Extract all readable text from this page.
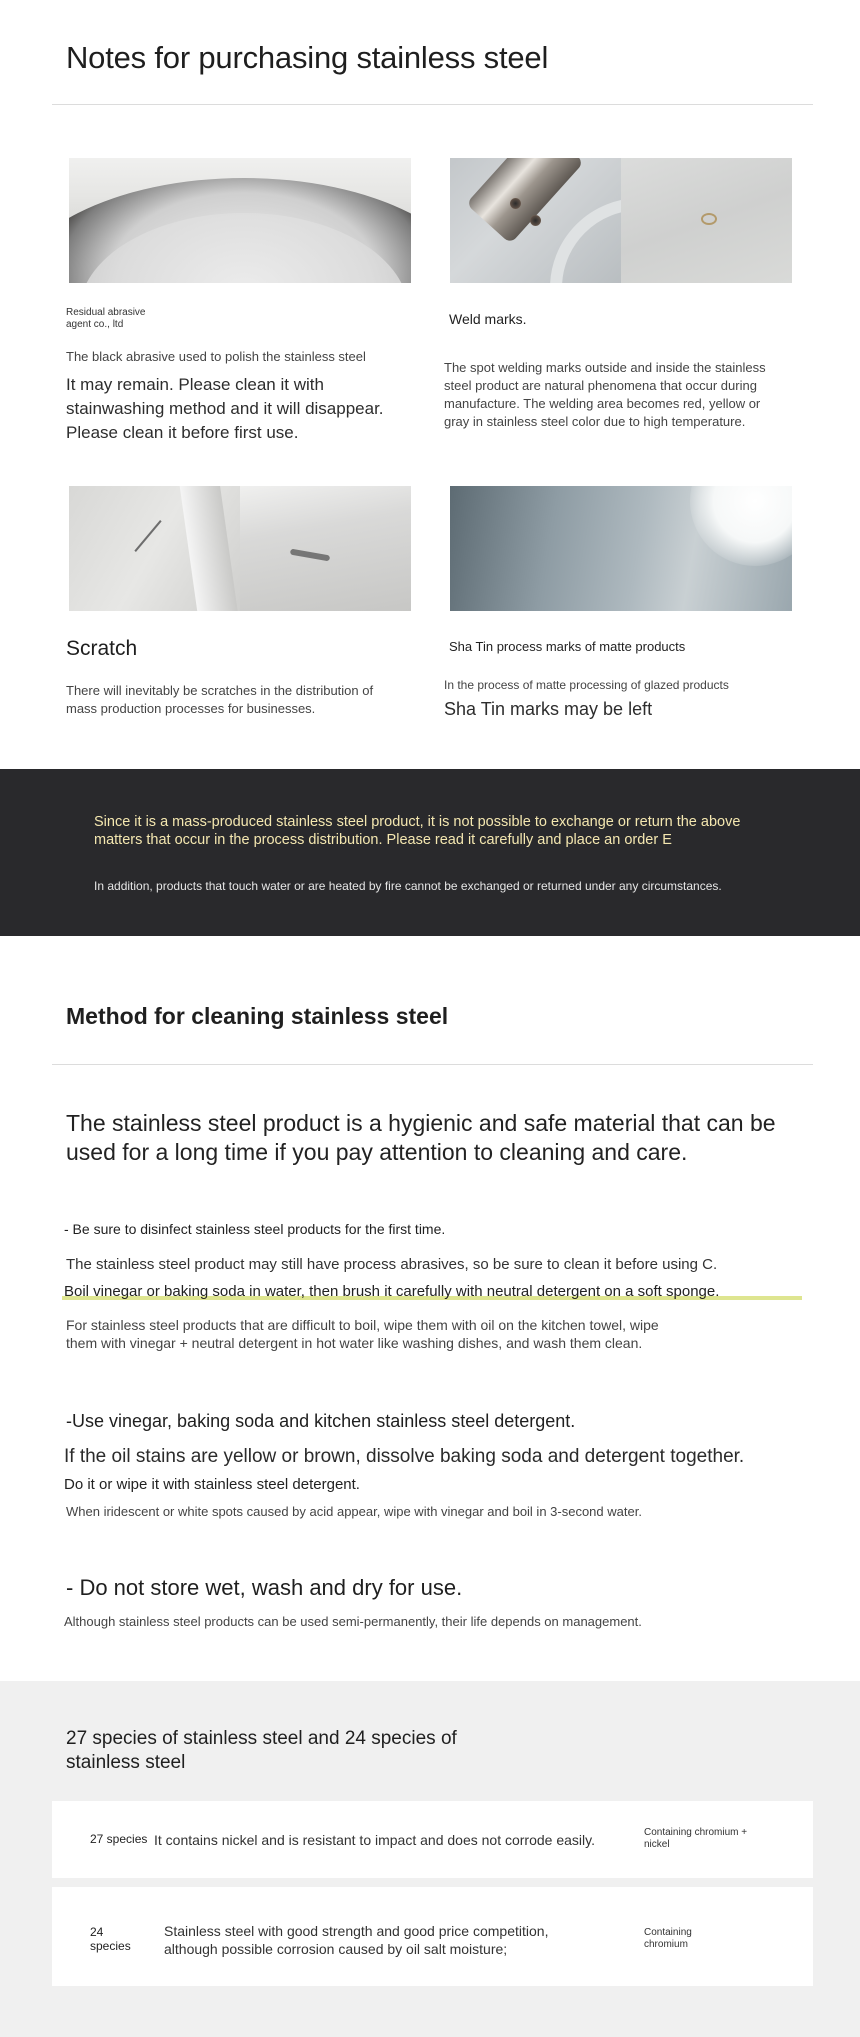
Notes for purchasing stainless steel
Residual abrasive agent co., ltd
The black abrasive used to polish the stainless steel
It may remain. Please clean it with stainwashing method and it will disappear. Please clean it before first use.
Weld marks.
The spot welding marks outside and inside the stainless steel product are natural phenomena that occur during manufacture. The welding area becomes red, yellow or gray in stainless steel color due to high temperature.
Scratch
There will inevitably be scratches in the distribution of mass production processes for businesses.
Sha Tin process marks of matte products
In the process of matte processing of glazed products
Sha Tin marks may be left
Since it is a mass-produced stainless steel product, it is not possible to exchange or return the above
matters that occur in the process distribution. Please read it carefully and place an order E
In addition, products that touch water or are heated by fire cannot be exchanged or returned under any circumstances.
Method for cleaning stainless steel
The stainless steel product is a hygienic and safe material that can be
used for a long time if you pay attention to cleaning and care.
- Be sure to disinfect stainless steel products for the first time.
The stainless steel product may still have process abrasives, so be sure to clean it before using C.
Boil vinegar or baking soda in water, then brush it carefully with neutral detergent on a soft sponge.
For stainless steel products that are difficult to boil, wipe them with oil on the kitchen towel, wipe
them with vinegar + neutral detergent in hot water like washing dishes, and wash them clean.
-Use vinegar, baking soda and kitchen stainless steel detergent.
If the oil stains are yellow or brown, dissolve baking soda and detergent together.
Do it or wipe it with stainless steel detergent.
When iridescent or white spots caused by acid appear, wipe with vinegar and boil in 3-second water.
- Do not store wet, wash and dry for use.
Although stainless steel products can be used semi-permanently, their life depends on management.
27 species of stainless steel and 24 species of stainless steel
27 species It contains nickel and is resistant to impact and does not corrode easily.	Containing chromium + nickel
24 species
Stainless steel with good strength and good price competition, although possible corrosion caused by oil salt moisture;
Containing chromium
